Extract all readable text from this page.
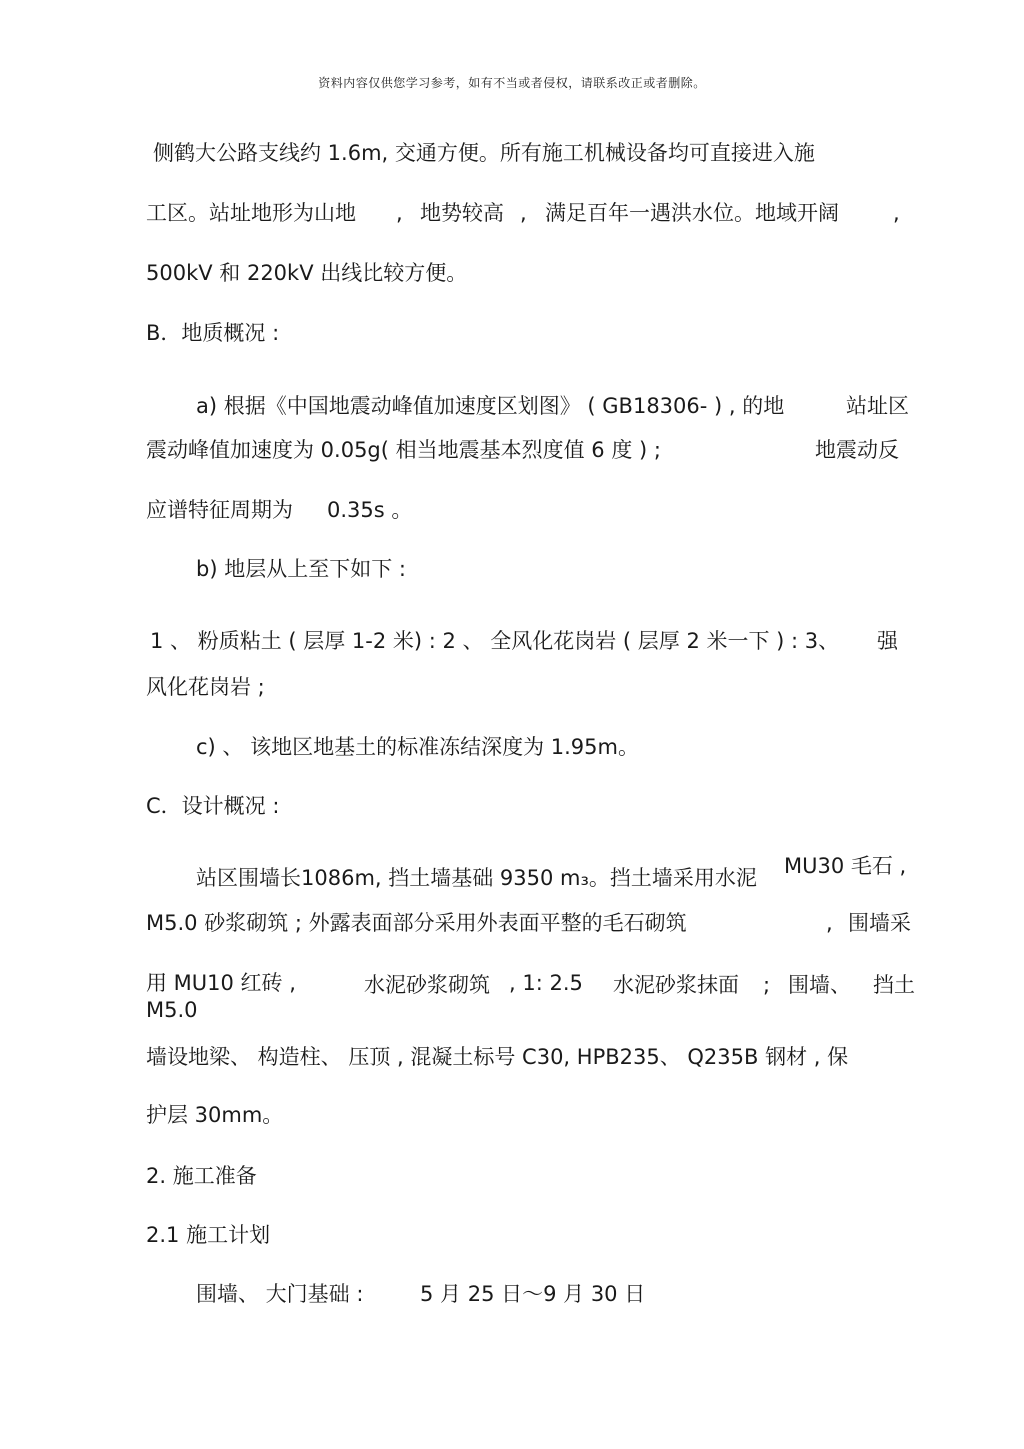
资料内容仅供您学习参考，如有不当或者侵权，请联系改正或者删除。
侧鹤大公路支线约 1.6m, 交通方便。所有施工机械设备均可直接进入施
工区。站址地形为山地 , 地势较高 , 满足百年一遇洪水位。地域开阔	,
500kV 和 220kV 出线比较方便。
B．地质概况 :
a) 根据《中国地震动峰值加速度区划图》 ( GB18306- ) , 的地	站址区
震动峰值加速度为 0.05g( 相当地震基本烈度值 6 度 ) ;	地震动反
应谱特征周期为 0.35s 。
b) 地层从上至下如下 :
1 、 粉质粘土 ( 层厚 1-2 米) : 2 、 全风化花岗岩 ( 层厚 2 米一下 ) : 3、 强
风化花岗岩 ;
c) 、 该地区地基土的标准冻结深度为 1.95m。
C．设计概况 :
站区围墙长1086m, 挡土墙基础 9350 m₃。挡土墙采用水泥 MU30 毛石 ,
M5.0 砂浆砌筑 ; 外露表面部分采用外表面平整的毛石砌筑	, 围墙采
用 MU10 红砖 ,	水泥砂浆砌筑 , 1: 2.5 水泥砂浆抹面 ; 围墙、 挡土
M5.0
墙设地梁、 构造柱、 压顶 , 混凝土标号 C30, HPB235、 Q235B 钢材 , 保
护层 30mm。
2. 施工准备
2.1 施工计划
围墙、 大门基础 :	5 月 25 日～9 月 30 日
